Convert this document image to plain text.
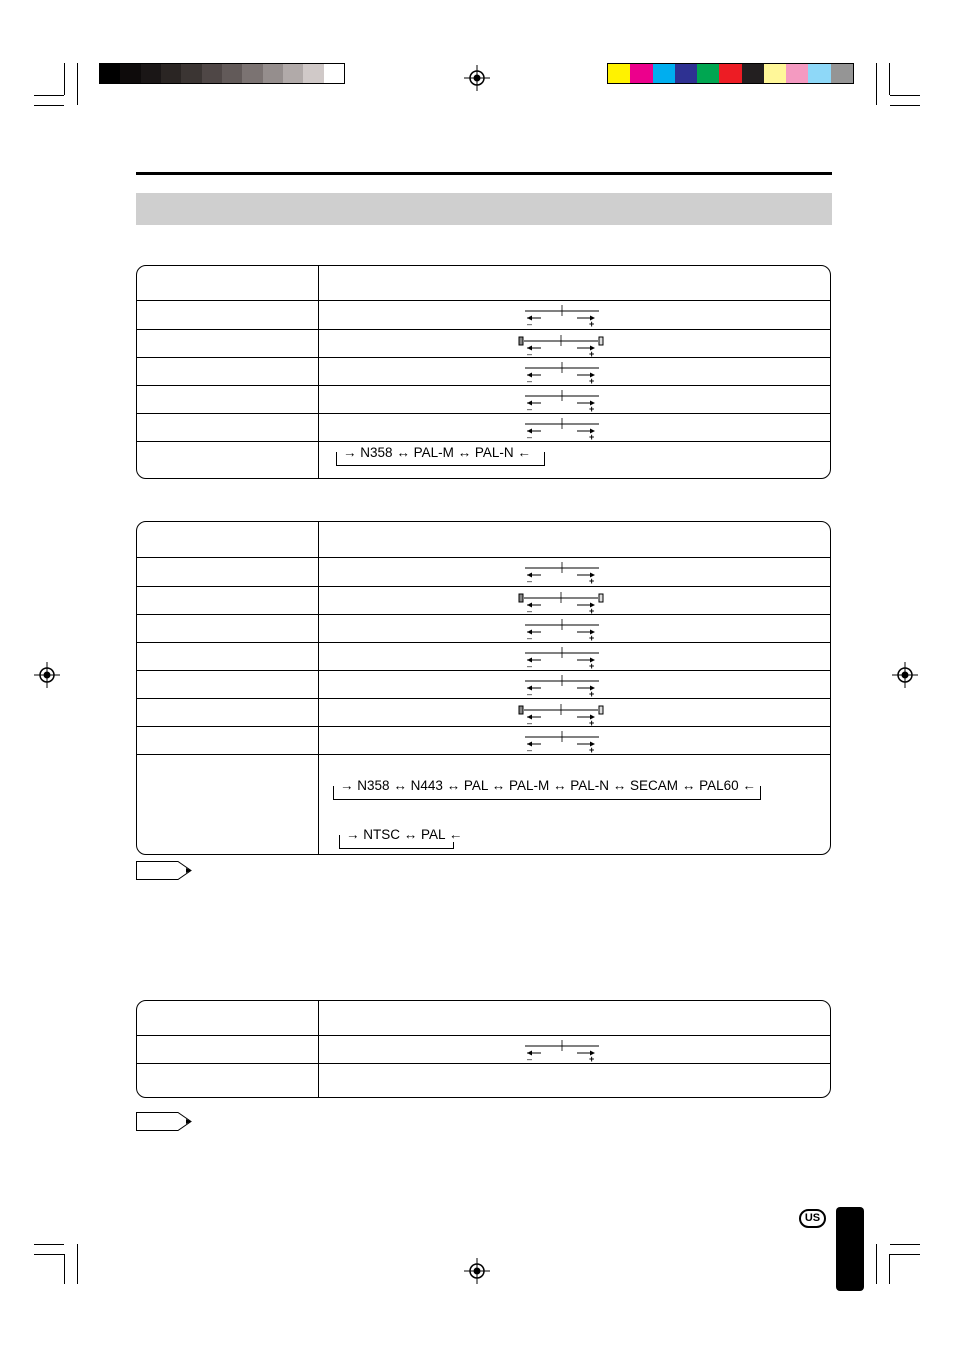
–	+
–	+
–	+
–	+
–	+
→ N358 ↔ PAL-M ↔ PAL-N ←
–	+
–	+
–	+
–	+
–	+
–	+
–	+
→ N358 ↔ N443 ↔ PAL ↔ PAL-M ↔ PAL-N ↔ SECAM ↔ PAL60 ←
→ NTSC ↔ PAL ←
–	+
US
